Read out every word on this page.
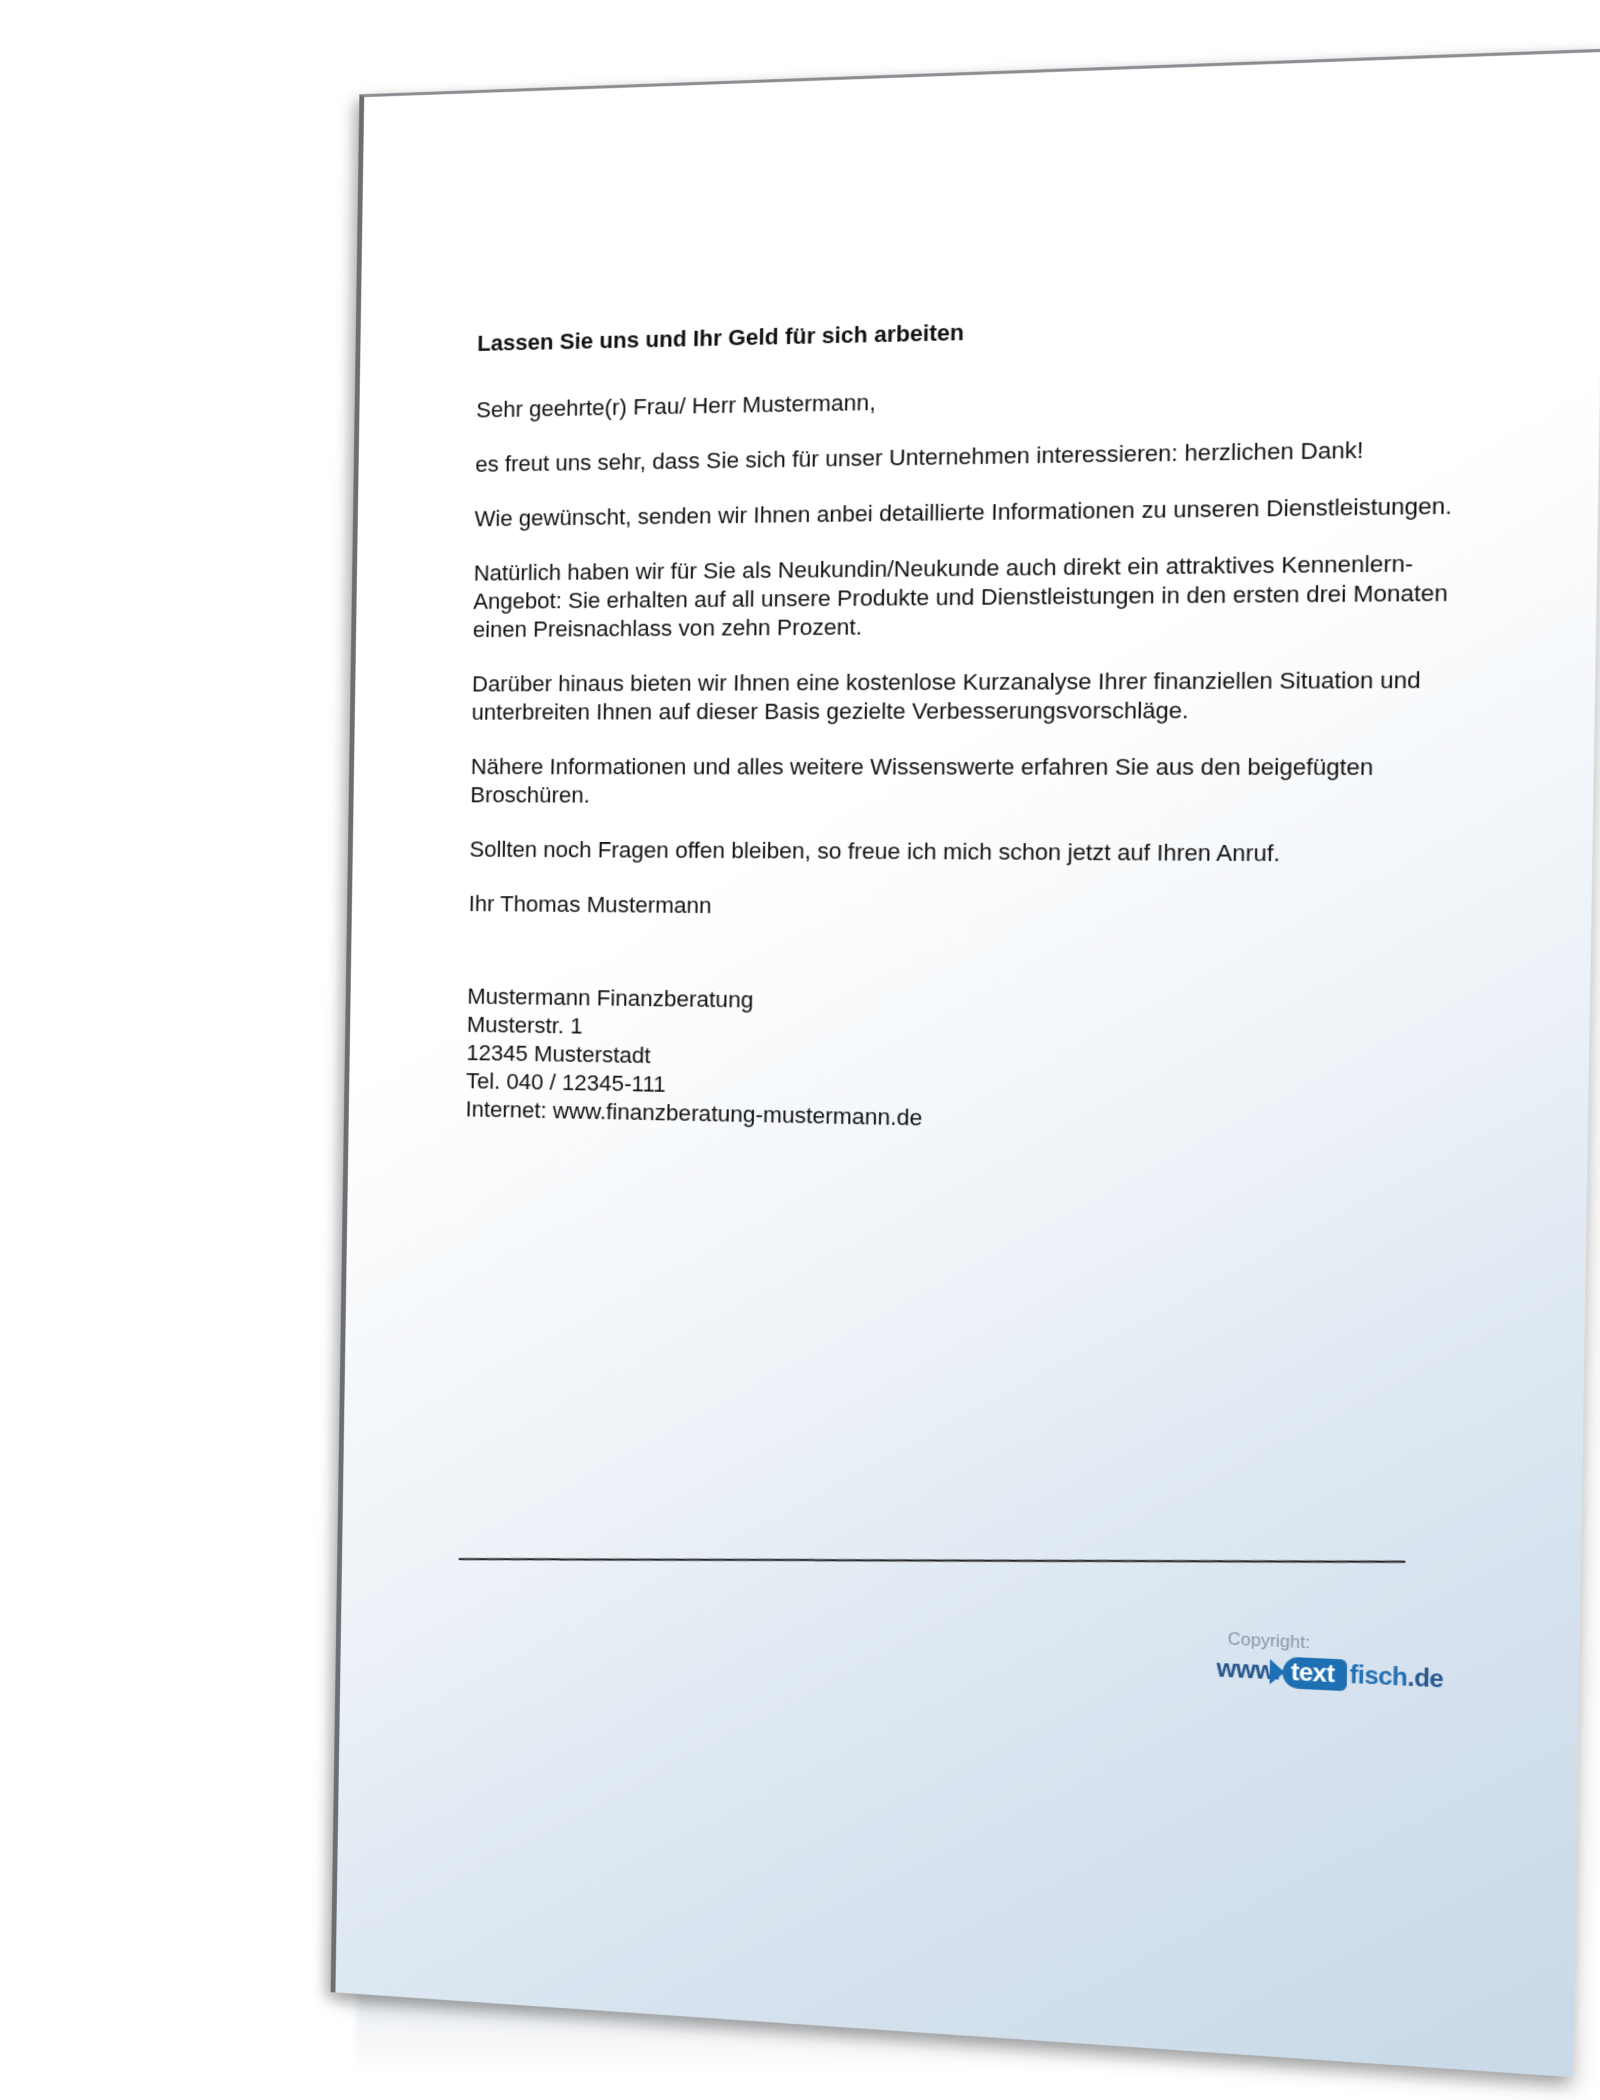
Lassen Sie uns und Ihr Geld für sich arbeiten

Sehr geehrte(r) Frau/ Herr Mustermann,

es freut uns sehr, dass Sie sich für unser Unternehmen interessieren: herzlichen Dank!

Wie gewünscht, senden wir Ihnen anbei detaillierte Informationen zu unseren Dienstleistungen.

Natürlich haben wir für Sie als Neukundin/Neukunde auch direkt ein attraktives Kennenlern-Angebot: Sie erhalten auf all unsere Produkte und Dienstleistungen in den ersten drei Monaten einen Preisnachlass von zehn Prozent.

Darüber hinaus bieten wir Ihnen eine kostenlose Kurzanalyse Ihrer finanziellen Situation und unterbreiten Ihnen auf dieser Basis gezielte Verbesserungsvorschläge.

Nähere Informationen und alles weitere Wissenswerte erfahren Sie aus den beigefügten Broschüren.

Sollten noch Fragen offen bleiben, so freue ich mich schon jetzt auf Ihren Anruf.

Ihr Thomas Mustermann

Mustermann Finanzberatung
Musterstr. 1
12345 Musterstadt
Tel. 040 / 12345-111
Internet: www.finanzberatung-mustermann.de
Copyright:
www. text fisch .de
